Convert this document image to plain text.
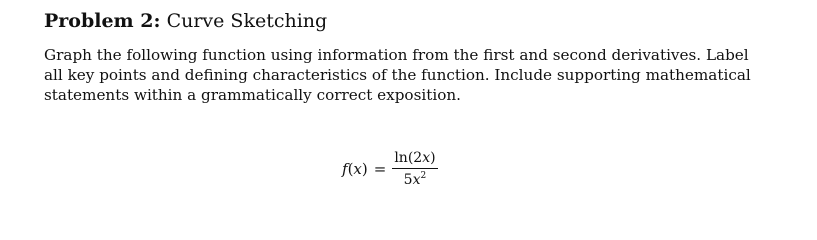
Problem 2: Curve Sketching
Graph the following function using information from the first and second derivatives. Label
all key points and defining characteristics of the function. Include supporting mathematical
statements within a grammatically correct exposition.
$f(x) = \frac{\ln(2x)}{5x^2}$
